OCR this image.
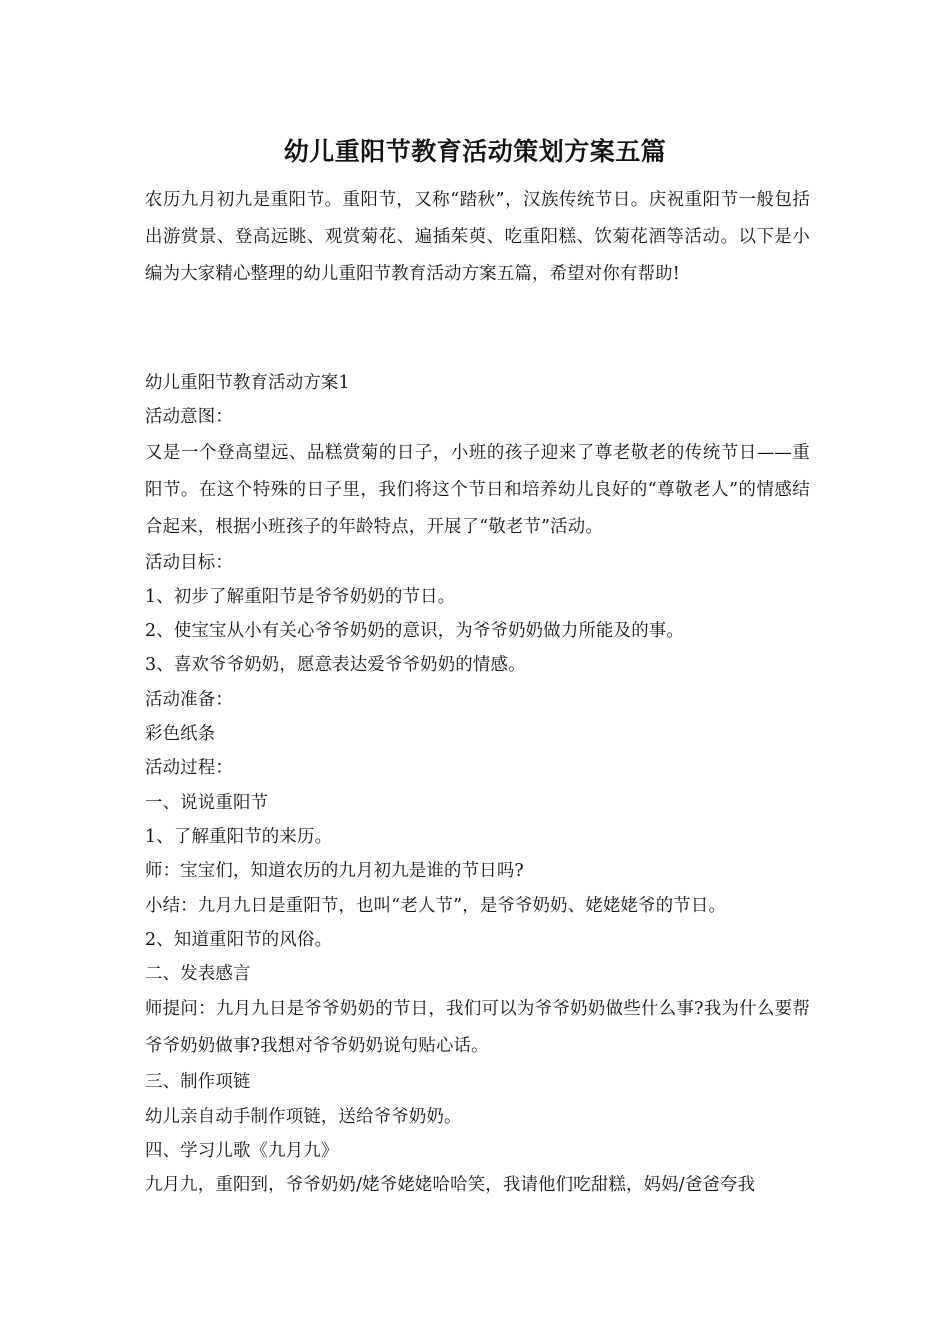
幼儿重阳节教育活动策划方案五篇

农历九月初九是重阳节。重阳节，又称“踏秋”，汉族传统节日。庆祝重阳节一般包括出游赏景、登高远眺、观赏菊花、遍插茱萸、吃重阳糕、饮菊花酒等活动。以下是小编为大家精心整理的幼儿重阳节教育活动方案五篇，希望对你有帮助!

幼儿重阳节教育活动方案1

活动意图：

又是一个登高望远、品糕赏菊的日子，小班的孩子迎来了尊老敬老的传统节日——重阳节。在这个特殊的日子里，我们将这个节日和培养幼儿良好的“尊敬老人”的情感结合起来，根据小班孩子的年龄特点，开展了“敬老节”活动。

活动目标：

1、初步了解重阳节是爷爷奶奶的节日。

2、使宝宝从小有关心爷爷奶奶的意识，为爷爷奶奶做力所能及的事。

3、喜欢爷爷奶奶，愿意表达爱爷爷奶奶的情感。

活动准备：

彩色纸条

活动过程：

一、说说重阳节

1、了解重阳节的来历。

师：宝宝们，知道农历的九月初九是谁的节日吗?

小结：九月九日是重阳节，也叫“老人节”，是爷爷奶奶、姥姥姥爷的节日。

2、知道重阳节的风俗。

二、发表感言

师提问：九月九日是爷爷奶奶的节日，我们可以为爷爷奶奶做些什么事?我为什么要帮爷爷奶奶做事?我想对爷爷奶奶说句贴心话。

三、制作项链

幼儿亲自动手制作项链，送给爷爷奶奶。

四、学习儿歌《九月九》

九月九，重阳到，爷爷奶奶/姥爷姥姥哈哈笑，我请他们吃甜糕，妈妈/爸爸夸我
